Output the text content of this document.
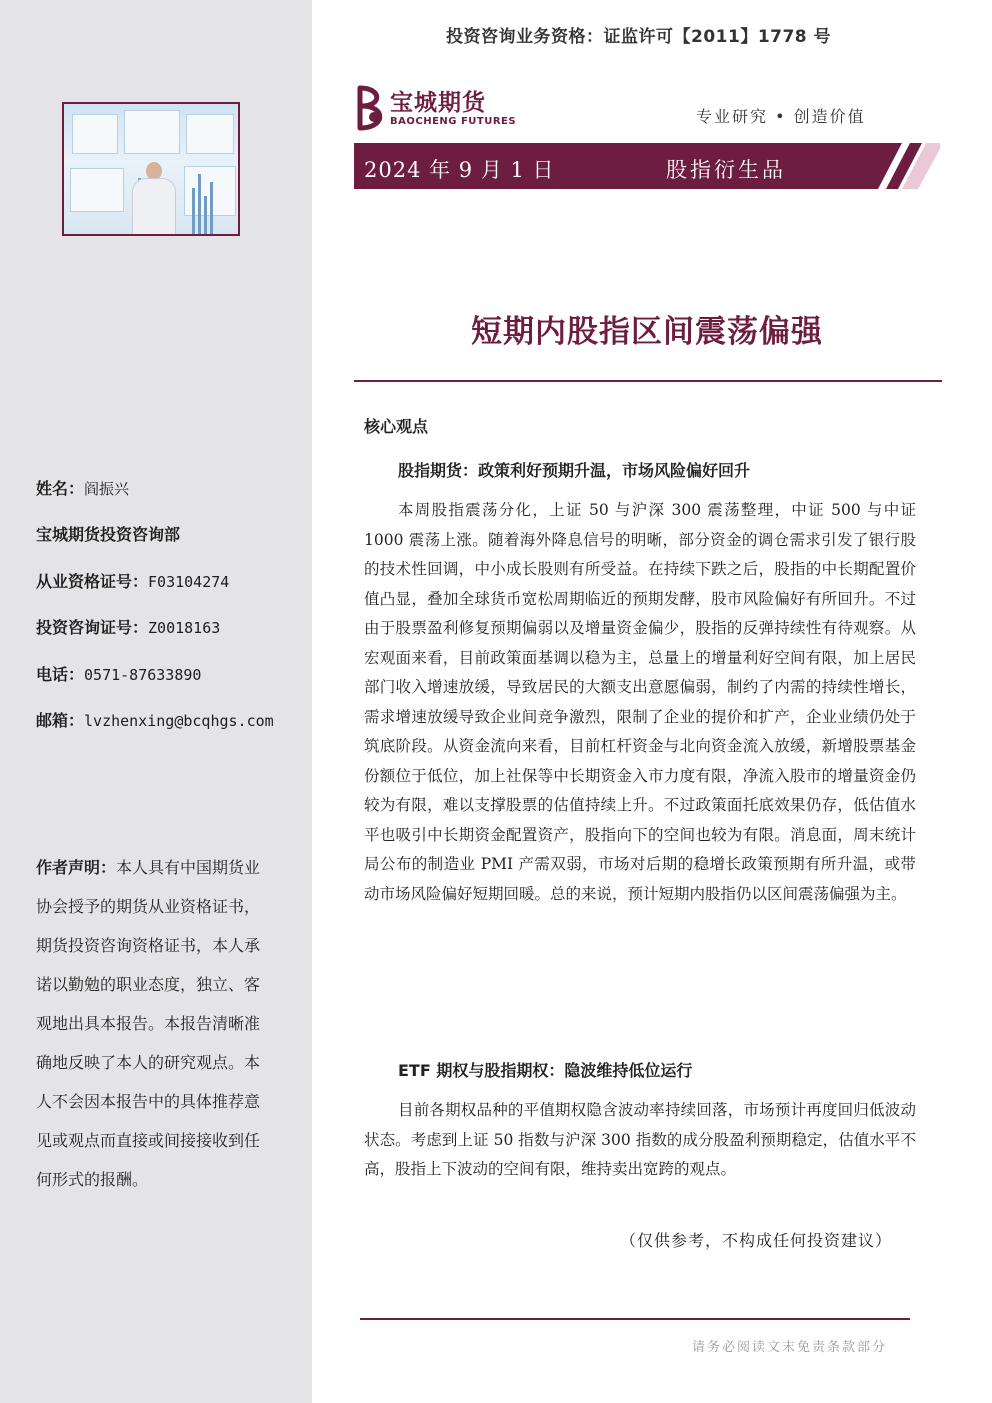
姓名：阎振兴
宝城期货投资咨询部
从业资格证号：F03104274
投资咨询证号：Z0018163
电话：0571-87633890
邮箱：lvzhenxing@bcqhgs.com
作者声明：本人具有中国期货业协会授予的期货从业资格证书，期货投资咨询资格证书，本人承诺以勤勉的职业态度，独立、客观地出具本报告。本报告清晰准确地反映了本人的研究观点。本人不会因本报告中的具体推荐意见或观点而直接或间接接收到任何形式的报酬。
投资咨询业务资格：证监许可【2011】1778 号
宝城期货
BAOCHENG FUTURES	专业研究 • 创造价值
2024 年 9 月 1 日	股指衍生品
短期内股指区间震荡偏强
核心观点
股指期货：政策利好预期升温，市场风险偏好回升
本周股指震荡分化，上证 50 与沪深 300 震荡整理，中证 500 与中证 1000 震荡上涨。随着海外降息信号的明晰，部分资金的调仓需求引发了银行股的技术性回调，中小成长股则有所受益。在持续下跌之后，股指的中长期配置价值凸显，叠加全球货币宽松周期临近的预期发酵，股市风险偏好有所回升。不过由于股票盈利修复预期偏弱以及增量资金偏少，股指的反弹持续性有待观察。从宏观面来看，目前政策面基调以稳为主，总量上的增量利好空间有限，加上居民部门收入增速放缓，导致居民的大额支出意愿偏弱，制约了内需的持续性增长，需求增速放缓导致企业间竞争激烈，限制了企业的提价和扩产，企业业绩仍处于筑底阶段。从资金流向来看，目前杠杆资金与北向资金流入放缓，新增股票基金份额位于低位，加上社保等中长期资金入市力度有限，净流入股市的增量资金仍较为有限，难以支撑股票的估值持续上升。不过政策面托底效果仍存，低估值水平也吸引中长期资金配置资产，股指向下的空间也较为有限。消息面，周末统计局公布的制造业 PMI 产需双弱，市场对后期的稳增长政策预期有所升温，或带动市场风险偏好短期回暖。总的来说，预计短期内股指仍以区间震荡偏强为主。
ETF 期权与股指期权：隐波维持低位运行
目前各期权品种的平值期权隐含波动率持续回落，市场预计再度回归低波动状态。考虑到上证 50 指数与沪深 300 指数的成分股盈利预期稳定，估值水平不高，股指上下波动的空间有限，维持卖出宽跨的观点。
（仅供参考，不构成任何投资建议）
请务必阅读文末免责条款部分
